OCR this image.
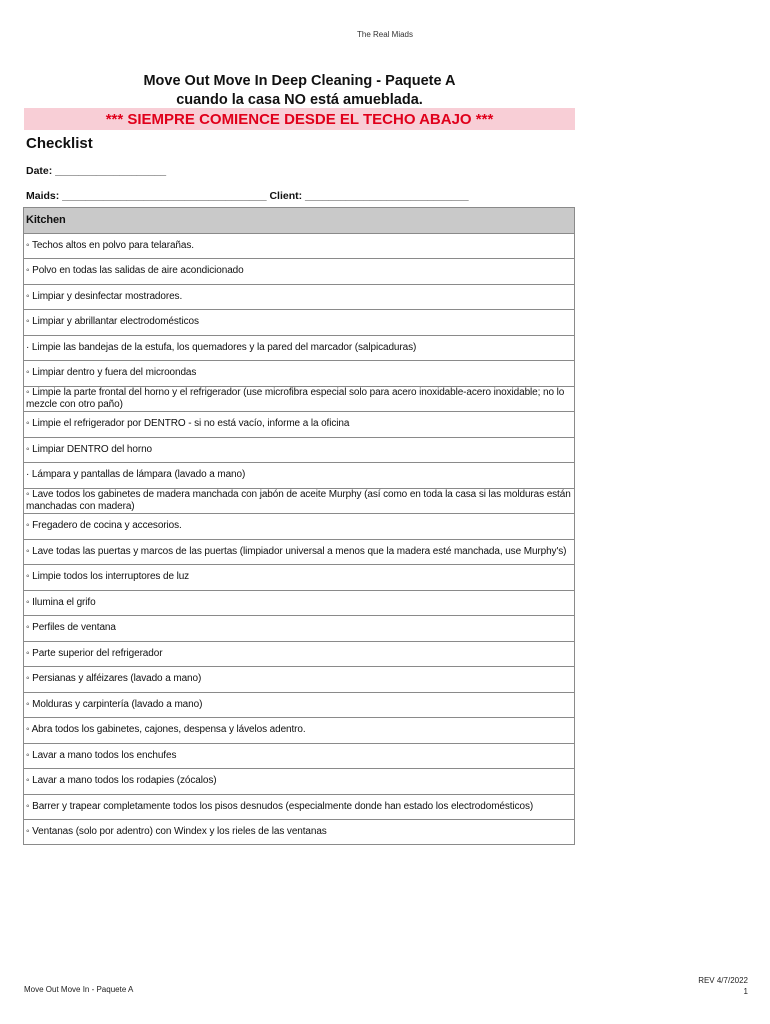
The Real Miads
Move Out Move In Deep Cleaning - Paquete A
cuando la casa NO está amueblada.
*** SIEMPRE COMIENCE DESDE EL TECHO ABAJO ***
Checklist
Date: ___________________
Maids: ___________________________________ Client: ____________________________
Kitchen
◦ Techos altos en polvo para telarañas.
◦ Polvo en todas las salidas de aire acondicionado
◦ Limpiar y desinfectar mostradores.
◦ Limpiar y abrillantar electrodomésticos
· Limpie las bandejas de la estufa, los quemadores y la pared del marcador (salpicaduras)
◦ Limpiar dentro y fuera del microondas
◦ Limpie la parte frontal del horno y el refrigerador (use microfibra especial solo para acero inoxidable-acero inoxidable; no lo mezcle con otro paño)
◦ Limpie el refrigerador por DENTRO - si no está vacío, informe a la oficina
◦ Limpiar DENTRO del horno
· Lámpara y pantallas de lámpara (lavado a mano)
◦ Lave todos los gabinetes de madera manchada con jabón de aceite Murphy (así como en toda la casa si las molduras están manchadas con madera)
◦ Fregadero de cocina y accesorios.
◦ Lave todas las puertas y marcos de las puertas (limpiador universal a menos que la madera esté manchada, use Murphy's)
◦ Limpie todos los interruptores de luz
◦ Ilumina el grifo
◦ Perfiles de ventana
◦ Parte superior del refrigerador
◦ Persianas y alféizares (lavado a mano)
◦ Molduras y carpintería (lavado a mano)
◦ Abra todos los gabinetes, cajones, despensa y lávelos adentro.
◦ Lavar a mano todos los enchufes
◦ Lavar a mano todos los rodapies (zócalos)
◦ Barrer y trapear completamente todos los pisos desnudos (especialmente donde han estado los electrodomésticos)
◦ Ventanas (solo por adentro) con Windex y los rieles de las ventanas
Move Out Move In - Paquete A
REV 4/7/2022
1
